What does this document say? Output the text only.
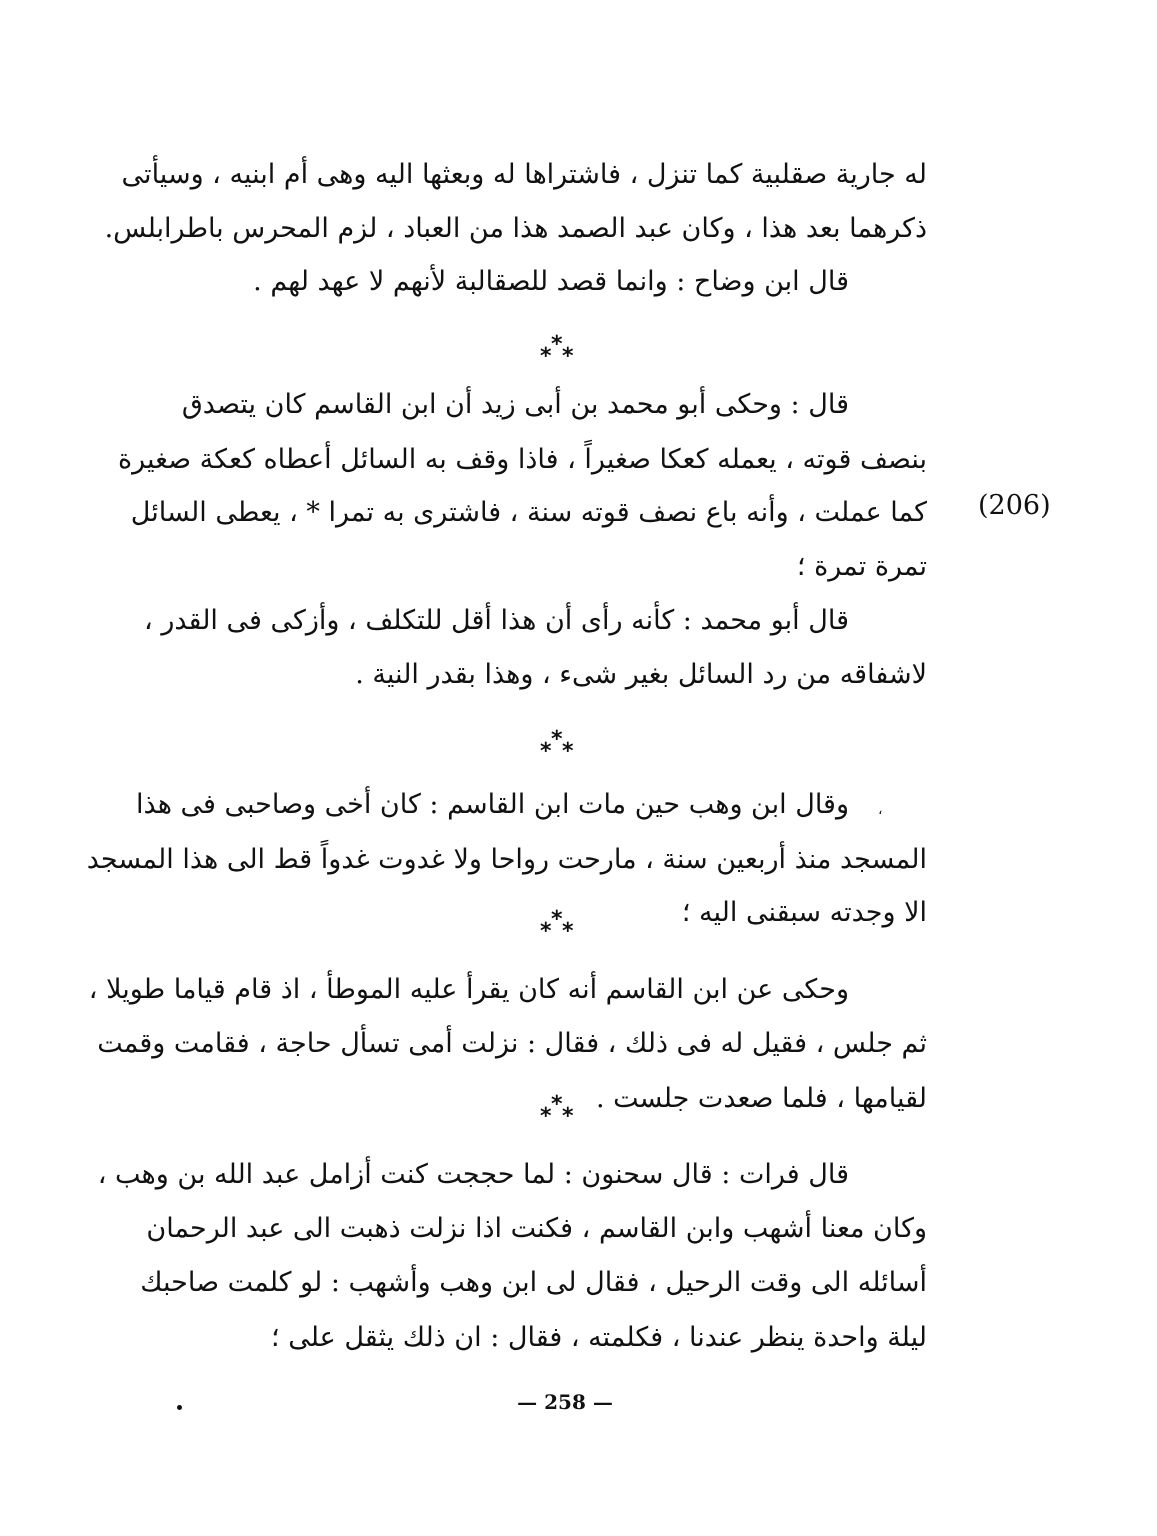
له جارية صقلبية كما تنزل ، فاشتراها له وبعثها اليه وهى أم ابنيه ، وسيأتى
ذكرهما بعد هذا ، وكان عبد الصمد هذا من العباد ، لزم المحرس باطرابلس.
قال ابن وضاح : وانما قصد للصقالبة لأنهم لا عهد لهم .
* * *
قال : وحكى أبو محمد بن أبى زيد أن ابن القاسم كان يتصدق
بنصف قوته ، يعمله كعكا صغيراً ، فاذا وقف به السائل أعطاه كعكة صغيرة
كما عملت ، وأنه باع نصف قوته سنة ، فاشترى به تمرا * ، يعطى السائل
تمرة تمرة ؛
قال أبو محمد : كأنه رأى أن هذا أقل للتكلف ، وأزكى فى القدر ،
لاشفاقه من رد السائل بغير شىء ، وهذا بقدر النية .
(206)
* * *
،
وقال ابن وهب حين مات ابن القاسم : كان أخى وصاحبى فى هذا
المسجد منذ أربعين سنة ، مارحت رواحا ولا غدوت غدواً قط الى هذا المسجد
الا وجدته سبقنى اليه ؛
* * *
وحكى عن ابن القاسم أنه كان يقرأ عليه الموطأ ، اذ قام قياما طويلا ،
ثم جلس ، فقيل له فى ذلك ، فقال : نزلت أمى تسأل حاجة ، فقامت وقمت
لقيامها ، فلما صعدت جلست .
* * *
قال فرات : قال سحنون : لما حججت كنت أزامل عبد الله بن وهب ،
وكان معنا أشهب وابن القاسم ، فكنت اذا نزلت ذهبت الى عبد الرحمان
أسائله الى وقت الرحيل ، فقال لى ابن وهب وأشهب : لو كلمت صاحبك
ليلة واحدة ينظر عندنا ، فكلمته ، فقال : ان ذلك يثقل على ؛
— 258 —
